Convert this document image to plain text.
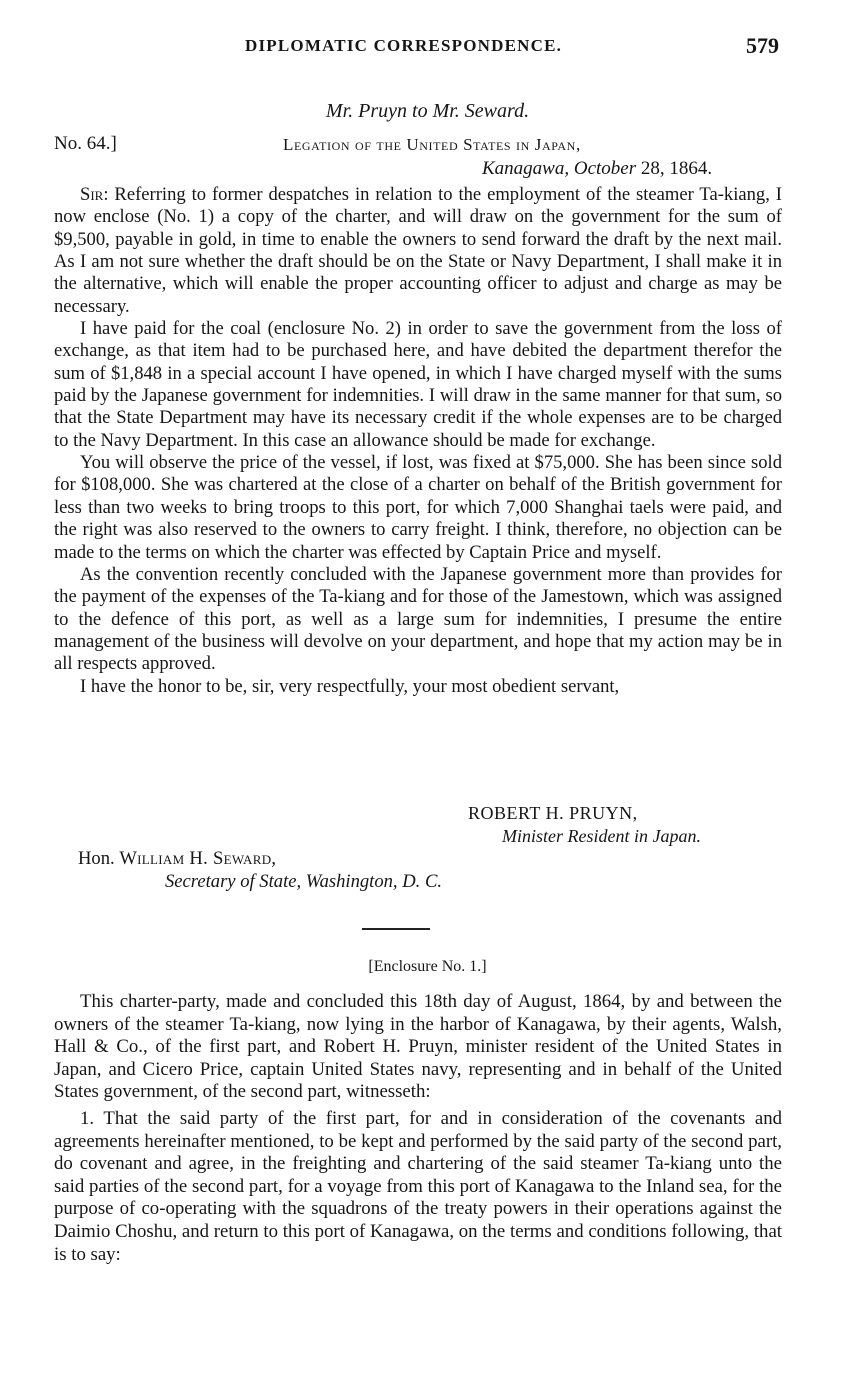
DIPLOMATIC CORRESPONDENCE.	579
Mr. Pruyn to Mr. Seward.
No. 64.]	Legation of the United States in Japan,
Kanagawa, October 28, 1864.

Sir: Referring to former despatches in relation to the employment of the steamer Ta-kiang, I now enclose (No. 1) a copy of the charter, and will draw on the government for the sum of $9,500, payable in gold, in time to enable the owners to send forward the draft by the next mail. As I am not sure whether the draft should be on the State or Navy Department, I shall make it in the alternative, which will enable the proper accounting officer to adjust and charge as may be necessary.

I have paid for the coal (enclosure No. 2) in order to save the government from the loss of exchange, as that item had to be purchased here, and have debited the department therefor the sum of $1,848 in a special account I have opened, in which I have charged myself with the sums paid by the Japanese government for indemnities. I will draw in the same manner for that sum, so that the State Department may have its necessary credit if the whole expenses are to be charged to the Navy Department. In this case an allowance should be made for exchange.

You will observe the price of the vessel, if lost, was fixed at $75,000. She has been since sold for $108,000. She was chartered at the close of a charter on behalf of the British government for less than two weeks to bring troops to this port, for which 7,000 Shanghai taels were paid, and the right was also reserved to the owners to carry freight. I think, therefore, no objection can be made to the terms on which the charter was effected by Captain Price and myself.

As the convention recently concluded with the Japanese government more than provides for the payment of the expenses of the Ta-kiang and for those of the Jamestown, which was assigned to the defence of this port, as well as a large sum for indemnities, I presume the entire management of the business will devolve on your department, and hope that my action may be in all respects approved.

I have the honor to be, sir, very respectfully, your most obedient servant,

ROBERT H. PRUYN,
Minister Resident in Japan.
Hon. William H. Seward,
Secretary of State, Washington, D. C.
[Enclosure No. 1.]

This charter-party, made and concluded this 18th day of August, 1864, by and between the owners of the steamer Ta-kiang, now lying in the harbor of Kanagawa, by their agents, Walsh, Hall & Co., of the first part, and Robert H. Pruyn, minister resident of the United States in Japan, and Cicero Price, captain United States navy, representing and in behalf of the United States government, of the second part, witnesseth:

1. That the said party of the first part, for and in consideration of the covenants and agreements hereinafter mentioned, to be kept and performed by the said party of the second part, do covenant and agree, in the freighting and chartering of the said steamer Ta-kiang unto the said parties of the second part, for a voyage from this port of Kanagawa to the Inland sea, for the purpose of co-operating with the squadrons of the treaty powers in their operations against the Daimio Choshu, and return to this port of Kanagawa, on the terms and conditions following, that is to say:
